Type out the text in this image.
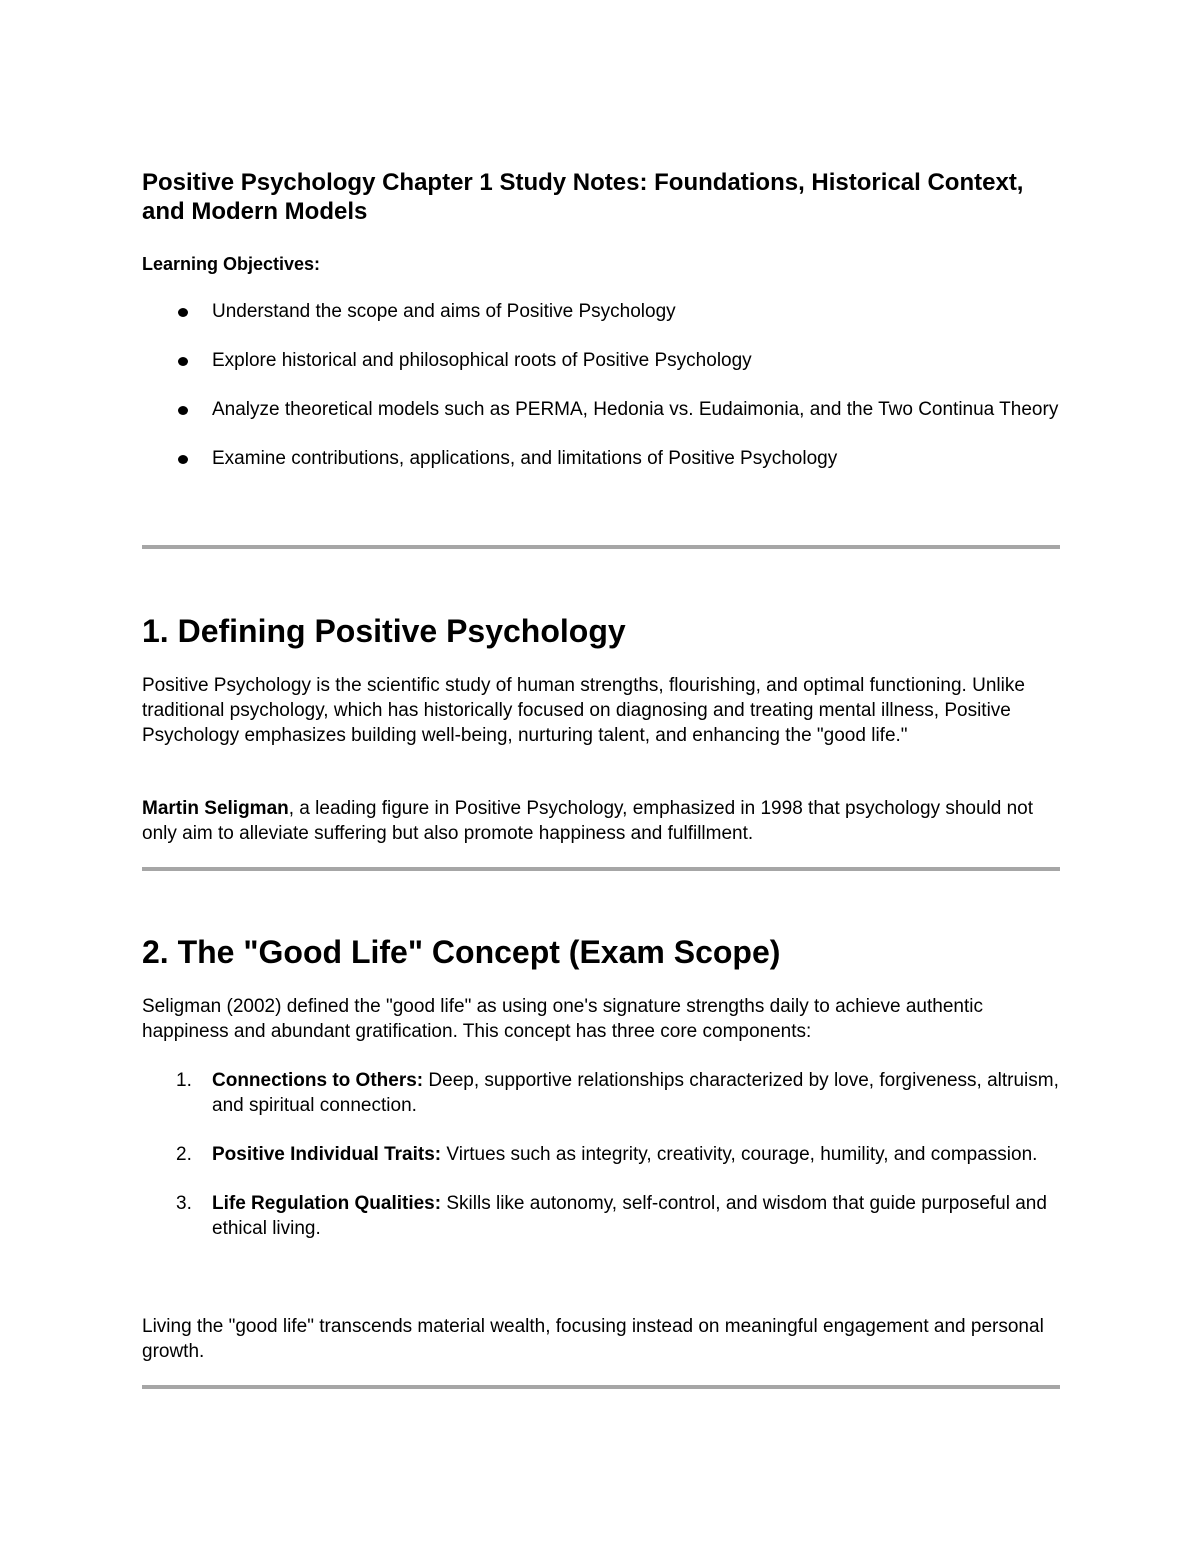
Positive Psychology Chapter 1 Study Notes: Foundations, Historical Context, and Modern Models
Learning Objectives:
Understand the scope and aims of Positive Psychology
Explore historical and philosophical roots of Positive Psychology
Analyze theoretical models such as PERMA, Hedonia vs. Eudaimonia, and the Two Continua Theory
Examine contributions, applications, and limitations of Positive Psychology
1. Defining Positive Psychology

Positive Psychology is the scientific study of human strengths, flourishing, and optimal functioning. Unlike traditional psychology, which has historically focused on diagnosing and treating mental illness, Positive Psychology emphasizes building well-being, nurturing talent, and enhancing the "good life."

Martin Seligman, a leading figure in Positive Psychology, emphasized in 1998 that psychology should not only aim to alleviate suffering but also promote happiness and fulfillment.

2. The "Good Life" Concept (Exam Scope)

Seligman (2002) defined the "good life" as using one's signature strengths daily to achieve authentic happiness and abundant gratification. This concept has three core components:

1. Connections to Others: Deep, supportive relationships characterized by love, forgiveness, altruism, and spiritual connection.
2. Positive Individual Traits: Virtues such as integrity, creativity, courage, humility, and compassion.
3. Life Regulation Qualities: Skills like autonomy, self-control, and wisdom that guide purposeful and ethical living.

Living the "good life" transcends material wealth, focusing instead on meaningful engagement and personal growth.
